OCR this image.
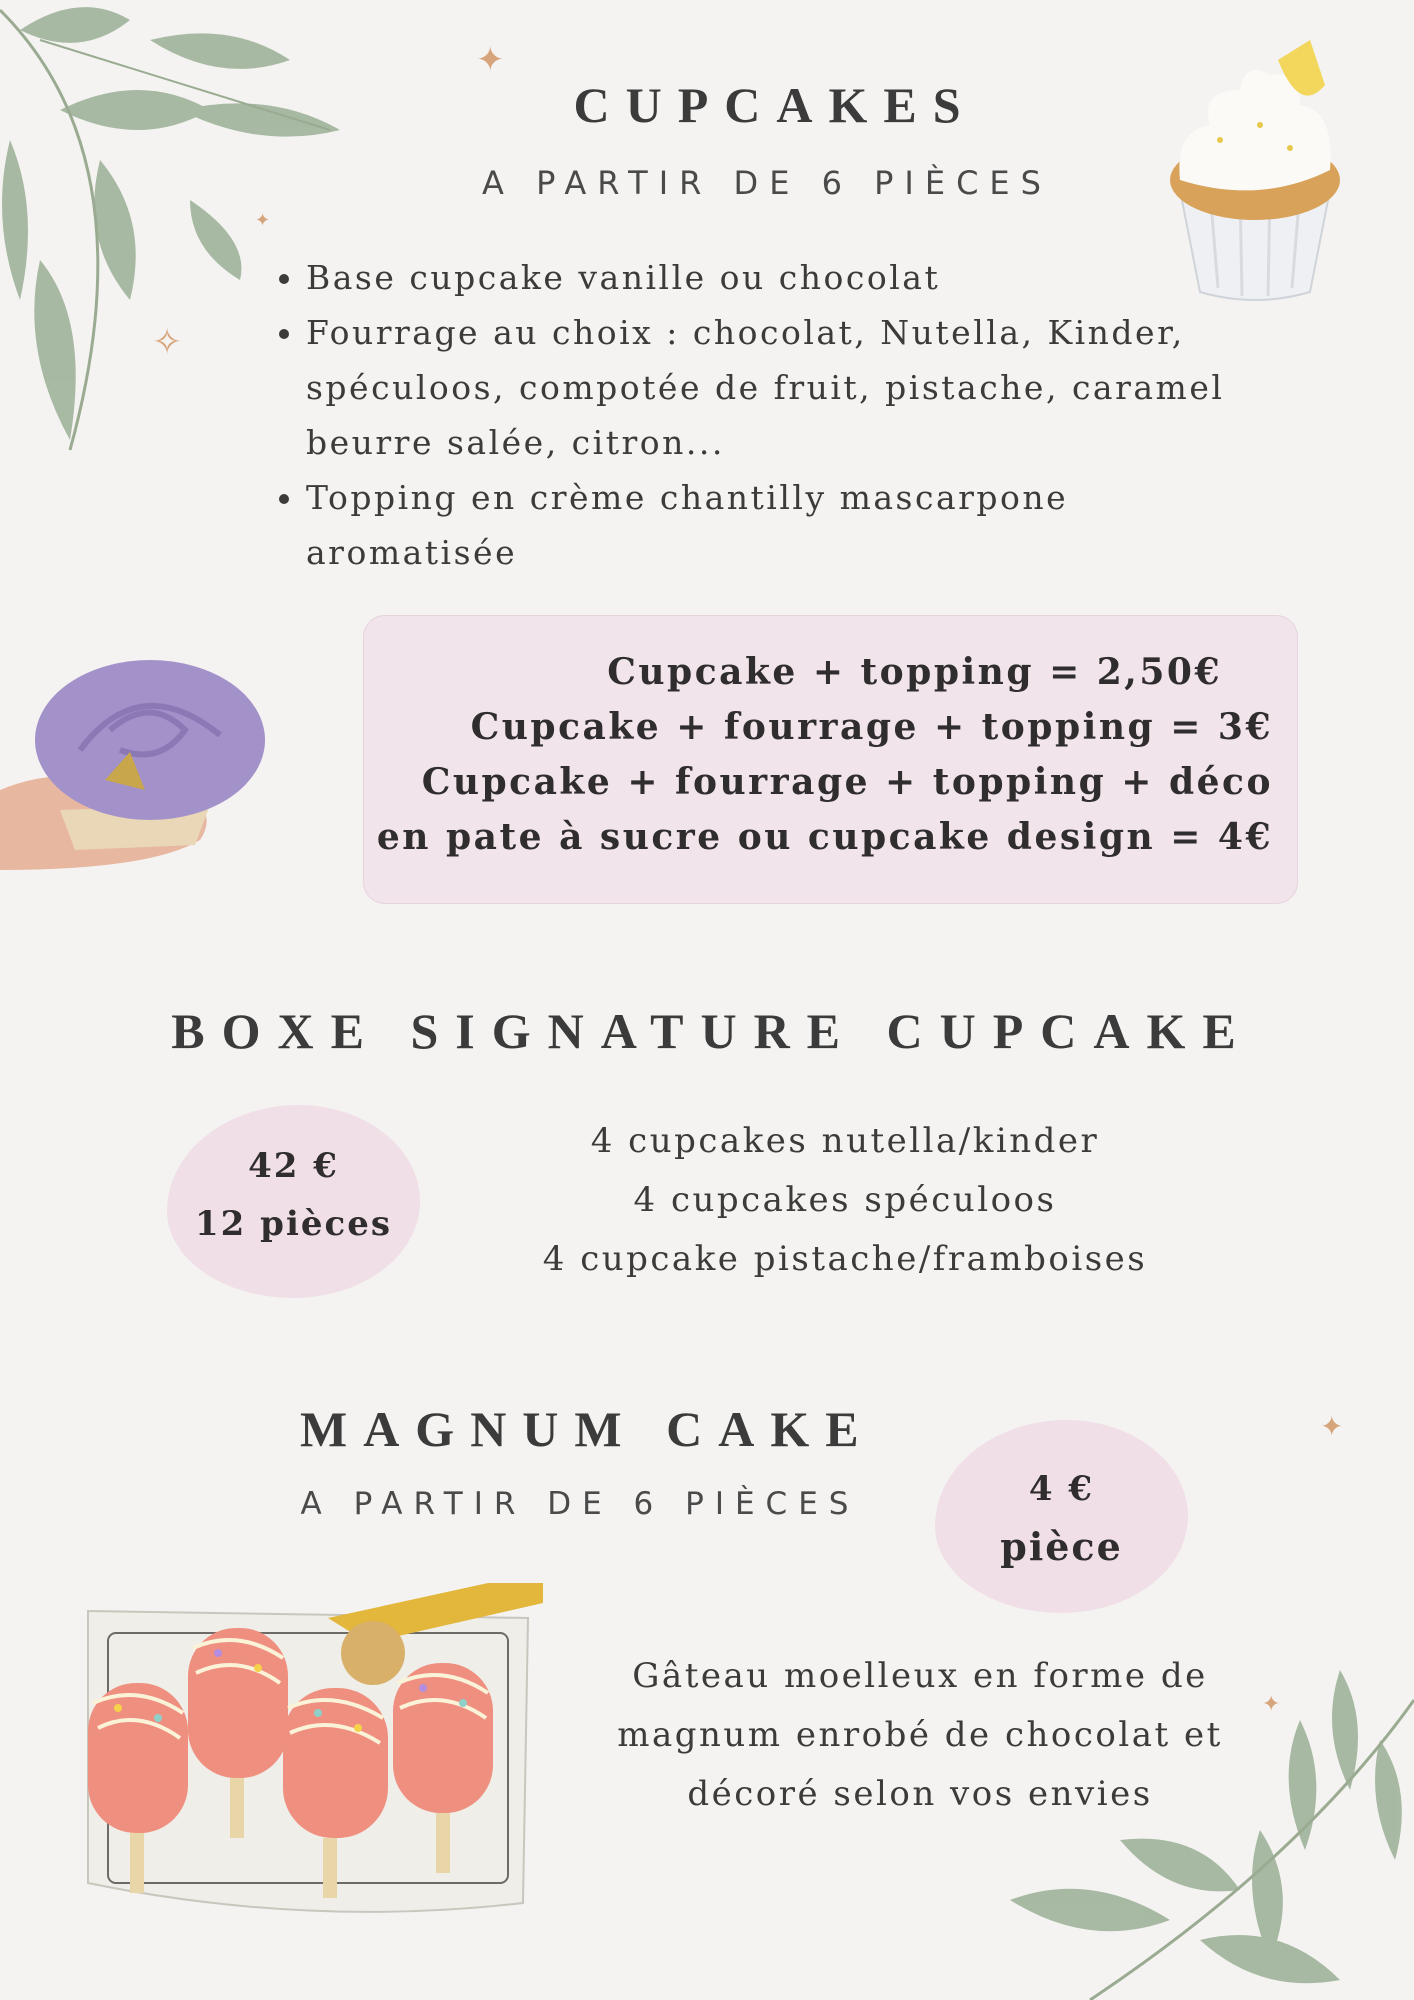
✦
✦
✧
✦
✦
CUPCAKES
A PARTIR DE 6 PIÈCES
• Base cupcake vanille ou chocolat
• Fourrage au choix : chocolat, Nutella, Kinder, spéculoos, compotée de fruit, pistache, caramel beurre salée, citron...
• Topping en crème chantilly mascarpone aromatisée
Cupcake + topping = 2,50€
Cupcake + fourrage + topping = 3€
Cupcake + fourrage + topping + déco
en pate à sucre ou cupcake design = 4€
BOXE SIGNATURE CUPCAKE
42 €
12 pièces
4 cupcakes nutella/kinder
4 cupcakes spéculoos
4 cupcake pistache/framboises
MAGNUM CAKE
A PARTIR DE 6 PIÈCES	4 €
pièce
Gâteau moelleux en forme de
magnum enrobé de chocolat et
décoré selon vos envies
